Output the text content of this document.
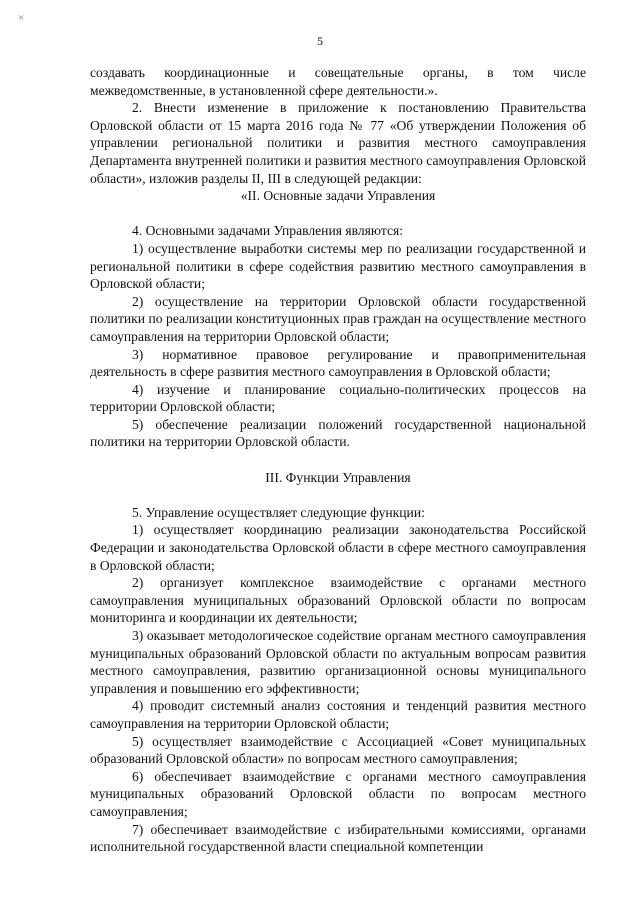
×
5

создавать координационные и совещательные органы, в том числе межведомственные, в установленной сфере деятельности.».

2. Внести изменение в приложение к постановлению Правительства Орловской области от 15 марта 2016 года № 77 «Об утверждении Положения об управлении региональной политики и развития местного самоуправления Департамента внутренней политики и развития местного самоуправления Орловской области», изложив разделы II, III в следующей редакции:

«II. Основные задачи Управления

4. Основными задачами Управления являются:

1) осуществление выработки системы мер по реализации государственной и региональной политики в сфере содействия развитию местного самоуправления в Орловской области;

2) осуществление на территории Орловской области государственной политики по реализации конституционных прав граждан на осуществление местного самоуправления на территории Орловской области;

3) нормативное правовое регулирование и правоприменительная деятельность в сфере развития местного самоуправления в Орловской области;

4) изучение и планирование социально-политических процессов на территории Орловской области;

5) обеспечение реализации положений государственной национальной политики на территории Орловской области.

III. Функции Управления

5. Управление осуществляет следующие функции:

1) осуществляет координацию реализации законодательства Российской Федерации и законодательства Орловской области в сфере местного самоуправления в Орловской области;

2) организует комплексное взаимодействие с органами местного самоуправления муниципальных образований Орловской области по вопросам мониторинга и координации их деятельности;

3) оказывает методологическое содействие органам местного самоуправления муниципальных образований Орловской области по актуальным вопросам развития местного самоуправления, развитию организационной основы муниципального управления и повышению его эффективности;

4) проводит системный анализ состояния и тенденций развития местного самоуправления на территории Орловской области;

5) осуществляет взаимодействие с Ассоциацией «Совет муниципальных образований Орловской области» по вопросам местного самоуправления;

6) обеспечивает взаимодействие с органами местного самоуправления муниципальных образований Орловской области по вопросам местного самоуправления;

7) обеспечивает взаимодействие с избирательными комиссиями, органами исполнительной государственной власти специальной компетенции
